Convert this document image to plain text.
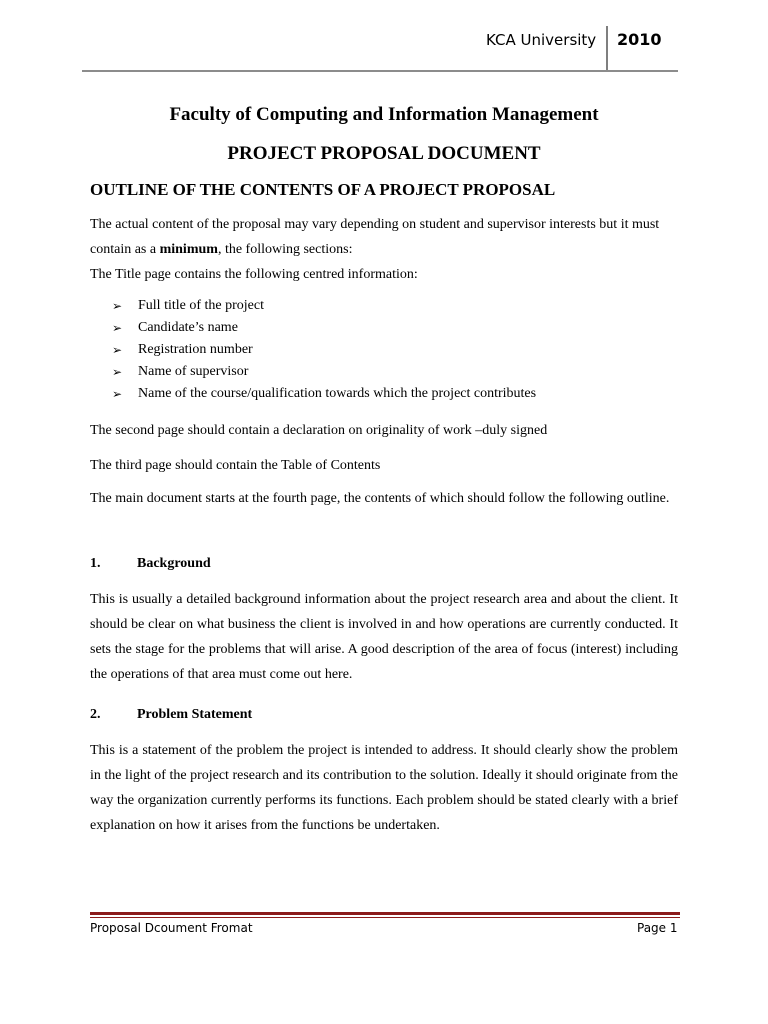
KCA University 2010
Faculty of Computing and Information Management
PROJECT PROPOSAL DOCUMENT
OUTLINE OF THE CONTENTS OF A PROJECT PROPOSAL
The actual content of the proposal may vary depending on student and supervisor interests but it must contain as a minimum, the following sections:
The Title page contains the following centred information:
➢	Full title of the project
➢	Candidate’s name
➢	Registration number
➢	Name of supervisor
➢	Name of the course/qualification towards which the project contributes
The second page should contain a declaration on originality of work –duly signed
The third page should contain the Table of Contents
The main document starts at the fourth page, the contents of which should follow the following outline.
1.	Background
This is usually a detailed background information about the project research area and about the client. It should be clear on what business the client is involved in and how operations are currently conducted. It sets the stage for the problems that will arise. A good description of the area of focus (interest) including the operations of that area must come out here.
2.	Problem Statement
This is a statement of the problem the project is intended to address. It should clearly show the problem in the light of the project research and its contribution to the solution. Ideally it should originate from the way the organization currently performs its functions. Each problem should be stated clearly with a brief explanation on how it arises from the functions be undertaken.
Proposal Dcoument Fromat	Page 1
